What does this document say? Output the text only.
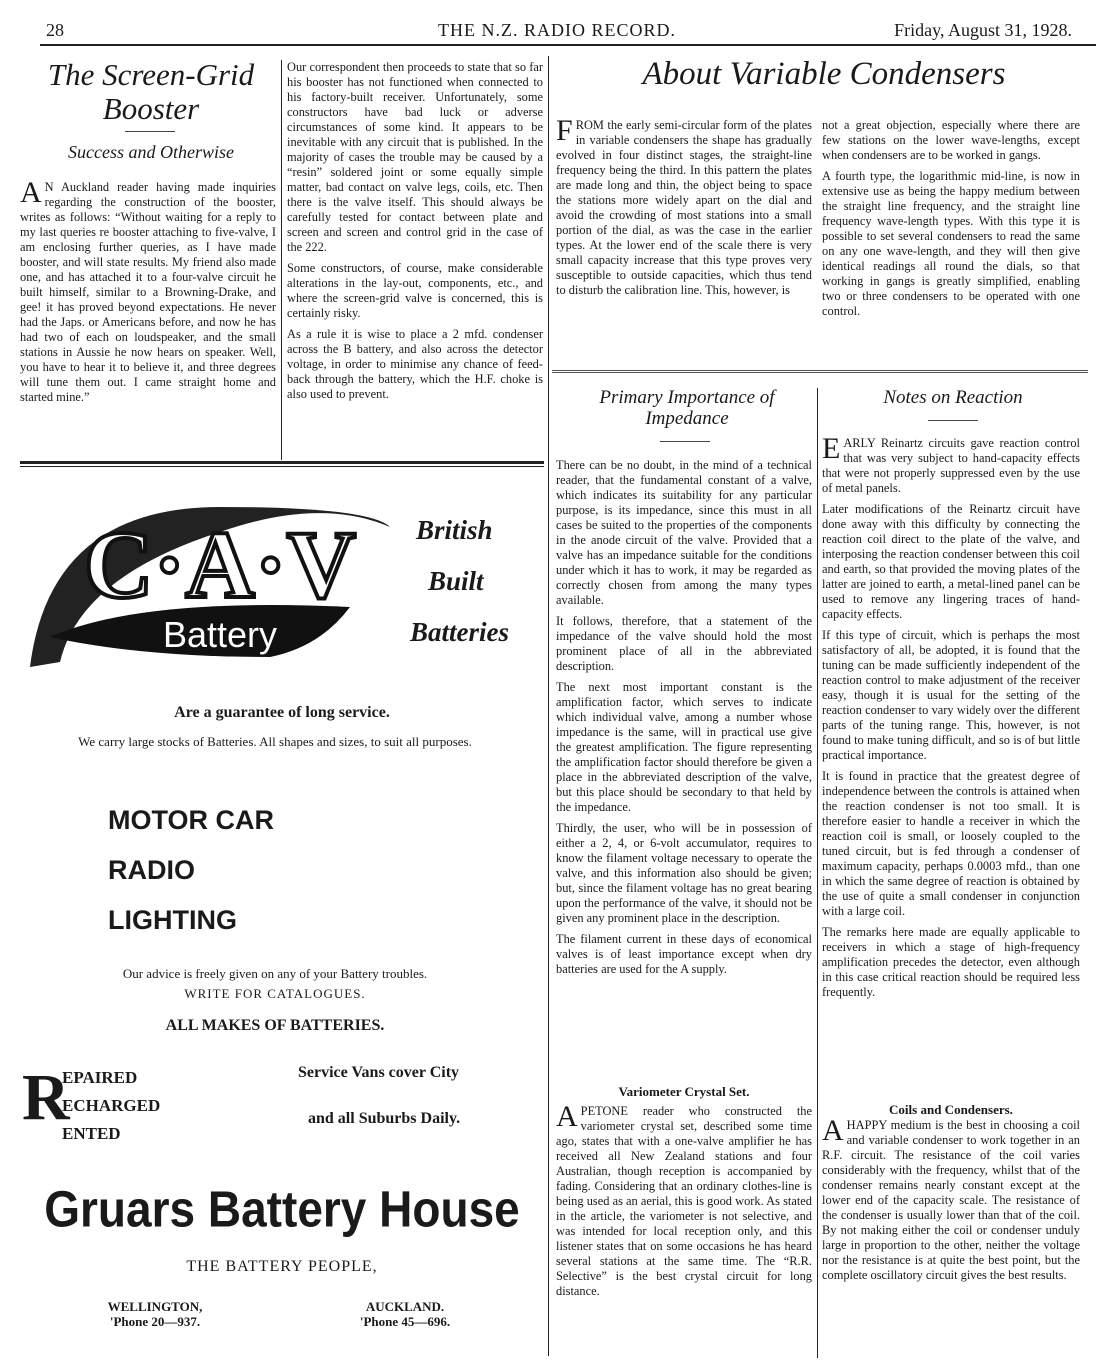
28	THE N.Z. RADIO RECORD.	Friday, August 31, 1928.
The Screen-Grid Booster
Success and Otherwise
A N Auckland reader having made inquiries regarding the construction of the booster, writes as follows: “Without waiting for a reply to my last queries re booster attaching to five-valve, I am enclosing further queries, as I have made booster, and will state results. My friend also made one, and has attached it to a four-valve circuit he built himself, similar to a Browning-Drake, and gee! it has proved beyond expectations. He never had the Japs. or Americans before, and now he has had two of each on loudspeaker, and the small stations in Aussie he now hears on speaker. Well, you have to hear it to believe it, and three degrees will tune them out. I came straight home and started mine.”

Our correspondent then proceeds to state that so far his booster has not functioned when connected to his factory-built receiver. Unfortunately, some constructors have bad luck or adverse circumstances of some kind. It appears to be inevitable with any circuit that is published. In the majority of cases the trouble may be caused by a “resin” soldered joint or some equally simple matter, bad contact on valve legs, coils, etc. Then there is the valve itself. This should always be carefully tested for contact between plate and screen and screen and control grid in the case of the 222.

Some constructors, of course, make considerable alterations in the lay-out, components, etc., and where the screen-grid valve is concerned, this is certainly risky.

As a rule it is wise to place a 2 mfd. condenser across the B battery, and also across the detector voltage, in order to minimise any chance of feed-back through the battery, which the H.F. choke is also used to prevent.

About Variable Condensers
FROM the early semi-circular form of the plates in variable condensers the shape has gradually evolved in four distinct stages, the straight-line frequency being the third. In this pattern the plates are made long and thin, the object being to space the stations more widely apart on the dial and avoid the crowding of most stations into a small portion of the dial, as was the case in the earlier types. At the lower end of the scale there is very small capacity increase that this type proves very susceptible to outside capacities, which thus tend to disturb the calibration line. This, however, is

not a great objection, especially where there are few stations on the lower wave-lengths, except when condensers are to be worked in gangs.

A fourth type, the logarithmic mid-line, is now in extensive use as being the happy medium between the straight line frequency, and the straight line frequency wave-length types. With this type it is possible to set several condensers to read the same on any one wave-length, and they will then give identical readings all round the dials, so that working in gangs is greatly simplified, enabling two or three condensers to be operated with one control.

Primary Importance of Impedance

There can be no doubt, in the mind of a technical reader, that the fundamental constant of a valve, which indicates its suitability for any particular purpose, is its impedance, since this must in all cases be suited to the properties of the components in the anode circuit of the valve. Provided that a valve has an impedance suitable for the conditions under which it has to work, it may be regarded as correctly chosen from among the many types available.

It follows, therefore, that a statement of the impedance of the valve should hold the most prominent place of all in the abbreviated description.

The next most important constant is the amplification factor, which serves to indicate which individual valve, among a number whose impedance is the same, will in practical use give the greatest amplification. The figure representing the amplification factor should therefore be given a place in the abbreviated description of the valve, but this place should be secondary to that held by the impedance.

Thirdly, the user, who will be in possession of either a 2, 4, or 6-volt accumulator, requires to know the filament voltage necessary to operate the valve, and this information also should be given; but, since the filament voltage has no great bearing upon the performance of the valve, it should not be given any prominent place in the description.

The filament current in these days of economical valves is of least importance except when dry batteries are used for the A supply.

Notes on Reaction

EARLY Reinartz circuits gave reaction control that was very subject to hand-capacity effects that were not properly suppressed even by the use of metal panels.

Later modifications of the Reinartz circuit have done away with this difficulty by connecting the reaction coil direct to the plate of the valve, and interposing the reaction condenser between this coil and earth, so that provided the moving plates of the latter are joined to earth, a metal-lined panel can be used to remove any lingering traces of hand-capacity effects.

If this type of circuit, which is perhaps the most satisfactory of all, be adopted, it is found that the tuning can be made sufficiently independent of the reaction control to make adjustment of the receiver easy, though it is usual for the setting of the reaction condenser to vary widely over the different parts of the tuning range. This, however, is not found to make tuning difficult, and so is of but little practical importance.

It is found in practice that the greatest degree of independence between the controls is attained when the reaction condenser is not too small. It is therefore easier to handle a receiver in which the reaction coil is small, or loosely coupled to the tuned circuit, but is fed through a condenser of maximum capacity, perhaps 0.0003 mfd., than one in which the same degree of reaction is obtained by the use of quite a small condenser in conjunction with a large coil.

The remarks here made are equally applicable to receivers in which a stage of high-frequency amplification precedes the detector, even although in this case critical reaction should be required less frequently.

Variometer Crystal Set.
APETONE reader who constructed the variometer crystal set, described some time ago, states that with a one-valve amplifier he has received all New Zealand stations and four Australian, though reception is accompanied by fading. Considering that an ordinary clothes-line is being used as an aerial, this is good work. As stated in the article, the variometer is not selective, and was intended for local reception only, and this listener states that on some occasions he has heard several stations at the same time. The “R.R. Selective” is the best crystal circuit for long distance.
Coils and Condensers.
AHAPPY medium is the best in choosing a coil and variable condenser to work together in an R.F. circuit. The resistance of the coil varies considerably with the frequency, whilst that of the condenser remains nearly constant except at the lower end of the capacity scale. The resistance of the condenser is usually lower than that of the coil. By not making either the coil or condenser unduly large in proportion to the other, neither the voltage nor the resistance is at quite the best point, but the complete oscillatory circuit gives the best results.
C·A·V
Battery
British
Built
Batteries
Are a guarantee of long service.
We carry large stocks of Batteries. All shapes and sizes, to suit all purposes.
MOTOR CAR
RADIO
LIGHTING
Our advice is freely given on any of your Battery troubles.
WRITE FOR CATALOGUES.
ALL MAKES OF BATTERIES.
R
EPAIRED
ECHARGED
ENTED
Service Vans cover City
and all Suburbs Daily.
Gruars Battery House
THE BATTERY PEOPLE,
WELLINGTON,
'Phone 20—937.
AUCKLAND.
'Phone 45—696.
